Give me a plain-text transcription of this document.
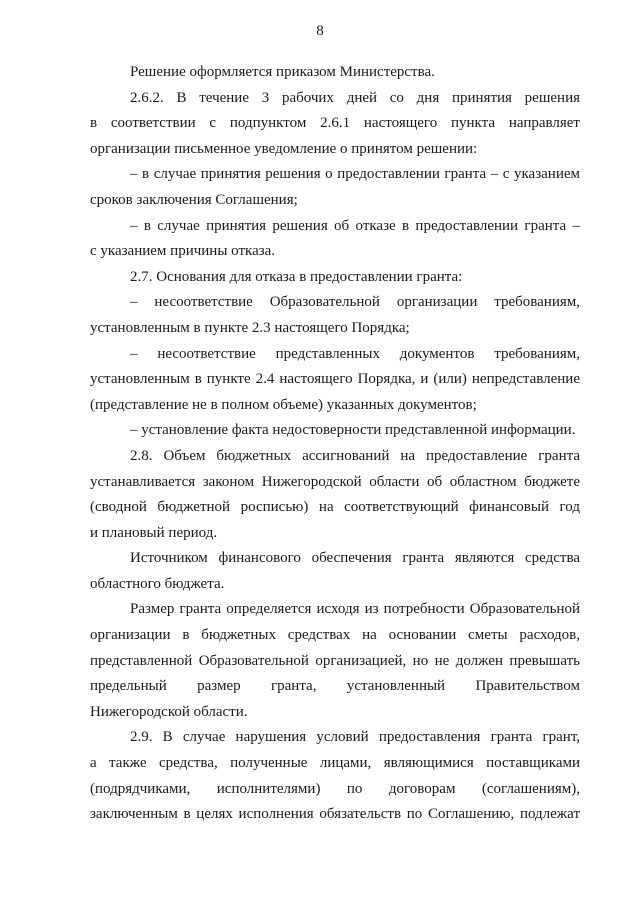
8
Решение оформляется приказом Министерства.
2.6.2. В течение 3 рабочих дней со дня принятия решения
в соответствии с подпунктом 2.6.1 настоящего пункта направляет
организации письменное уведомление о принятом решении:
– в случае принятия решения о предоставлении гранта – с указанием
сроков заключения Соглашения;
– в случае принятия решения об отказе в предоставлении гранта –
с указанием причины отказа.
2.7. Основания для отказа в предоставлении гранта:
– несоответствие Образовательной организации требованиям,
установленным в пункте 2.3 настоящего Порядка;
– несоответствие представленных документов требованиям,
установленным в пункте 2.4 настоящего Порядка, и (или) непредставление
(представление не в полном объеме) указанных документов;
– установление факта недостоверности представленной информации.
2.8. Объем бюджетных ассигнований на предоставление гранта
устанавливается законом Нижегородской области об областном бюджете
(сводной бюджетной росписью) на соответствующий финансовый год
и плановый период.
Источником финансового обеспечения гранта являются средства
областного бюджета.
Размер гранта определяется исходя из потребности Образовательной
организации в бюджетных средствах на основании сметы расходов,
представленной Образовательной организацией, но не должен превышать
предельный размер гранта, установленный Правительством
Нижегородской области.
2.9. В случае нарушения условий предоставления гранта грант,
а также средства, полученные лицами, являющимися поставщиками
(подрядчиками, исполнителями) по договорам (соглашениям),
заключенным в целях исполнения обязательств по Соглашению, подлежат
